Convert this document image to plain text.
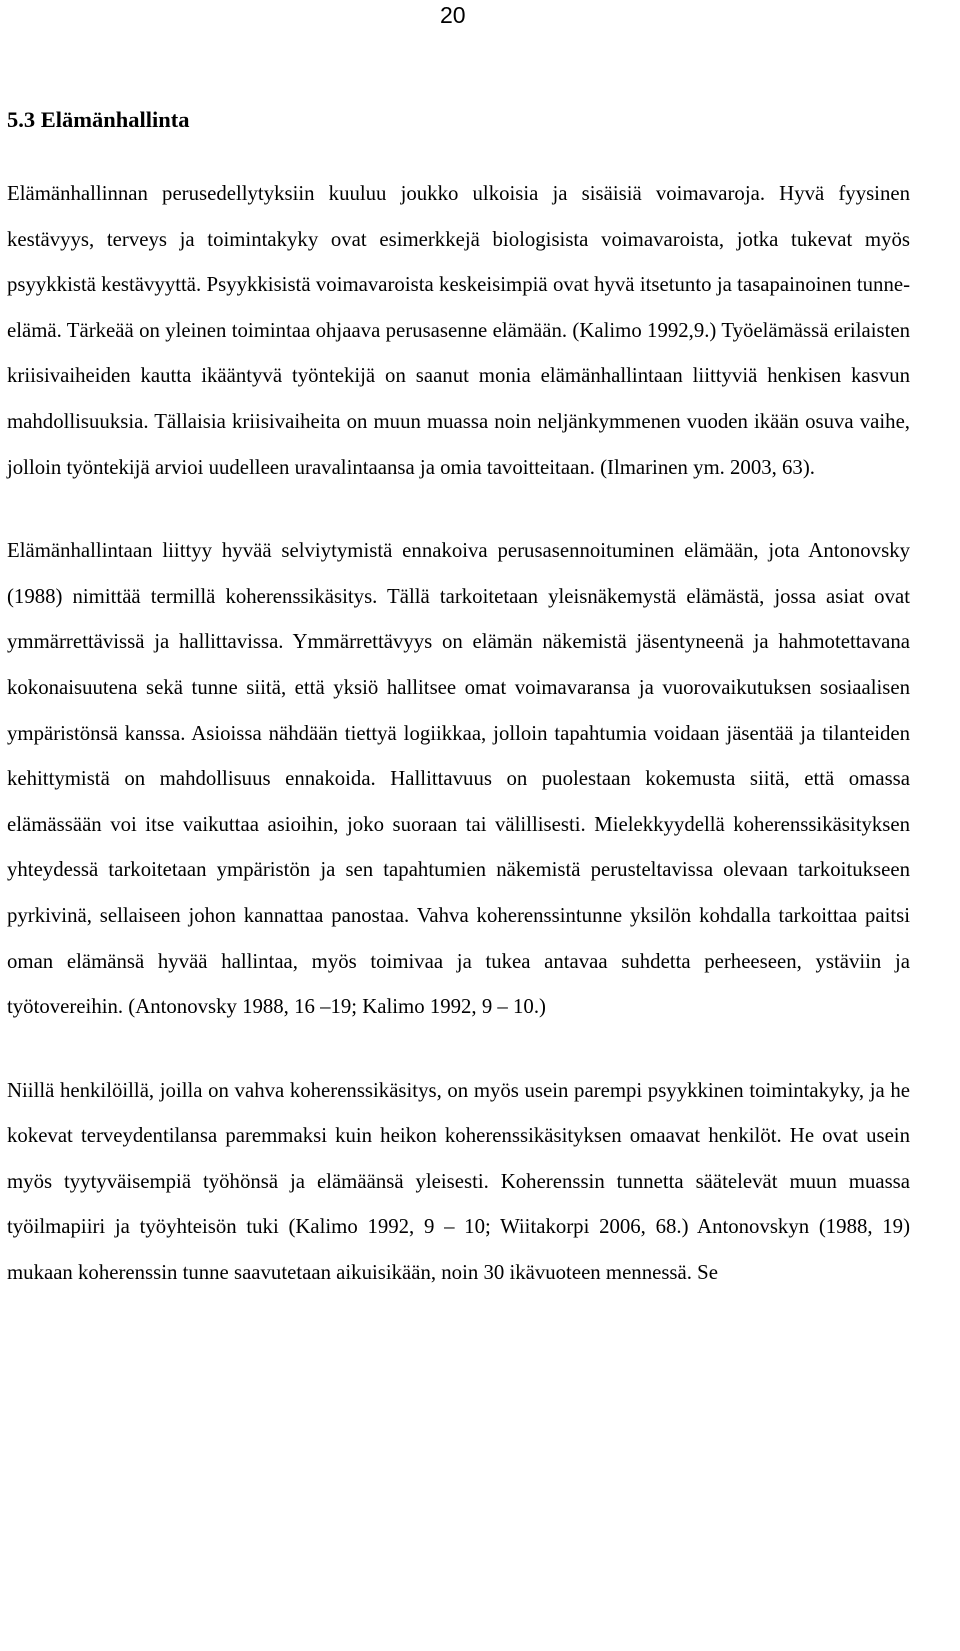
20
5.3 Elämänhallinta

Elämänhallinnan perusedellytyksiin kuuluu joukko ulkoisia ja sisäisiä voimavaroja. Hyvä fyysinen kestävyys, terveys ja toimintakyky ovat esimerkkejä biologisista voimavaroista, jotka tukevat myös psyykkistä kestävyyttä. Psyykkisistä voimavaroista keskeisimpiä ovat hyvä itsetunto ja tasapainoinen tunne-elämä. Tärkeää on yleinen toimintaa ohjaava perusasenne elämään. (Kalimo 1992,9.) Työelämässä erilaisten kriisivaiheiden kautta ikääntyvä työntekijä on saanut monia elämänhallintaan liittyviä henkisen kasvun mahdollisuuksia. Tällaisia kriisivaiheita on muun muassa noin neljänkymmenen vuoden ikään osuva vaihe, jolloin työntekijä arvioi uudelleen uravalintaansa ja omia tavoitteitaan. (Ilmarinen ym. 2003, 63).

Elämänhallintaan liittyy hyvää selviytymistä ennakoiva perusasennoituminen elämään, jota Antonovsky (1988) nimittää termillä koherenssikäsitys. Tällä tarkoitetaan yleisnäkemystä elämästä, jossa asiat ovat ymmärrettävissä ja hallittavissa. Ymmärrettävyys on elämän näkemistä jäsentyneenä ja hahmotettavana kokonaisuutena sekä tunne siitä, että yksiö hallitsee omat voimavaransa ja vuorovaikutuksen sosiaalisen ympäristönsä kanssa. Asioissa nähdään tiettyä logiikkaa, jolloin tapahtumia voidaan jäsentää ja tilanteiden kehittymistä on mahdollisuus ennakoida. Hallittavuus on puolestaan kokemusta siitä, että omassa elämässään voi itse vaikuttaa asioihin, joko suoraan tai välillisesti. Mielekkyydellä koherenssikäsityksen yhteydessä tarkoitetaan ympäristön ja sen tapahtumien näkemistä perusteltavissa olevaan tarkoitukseen pyrkivinä, sellaiseen johon kannattaa panostaa. Vahva koherenssintunne yksilön kohdalla tarkoittaa paitsi oman elämänsä hyvää hallintaa, myös toimivaa ja tukea antavaa suhdetta perheeseen, ystäviin ja työtovereihin. (Antonovsky 1988, 16 –19; Kalimo 1992, 9 – 10.)

Niillä henkilöillä, joilla on vahva koherenssikäsitys, on myös usein parempi psyykkinen toimintakyky, ja he kokevat terveydentilansa paremmaksi kuin heikon koherenssikäsityksen omaavat henkilöt. He ovat usein myös tyytyväisempiä työhönsä ja elämäänsä yleisesti. Koherenssin tunnetta säätelevät muun muassa työilmapiiri ja työyhteisön tuki (Kalimo 1992, 9 – 10; Wiitakorpi 2006, 68.) Antonovskyn (1988, 19) mukaan koherenssin tunne saavutetaan aikuisikään, noin 30 ikävuoteen mennessä. Se
